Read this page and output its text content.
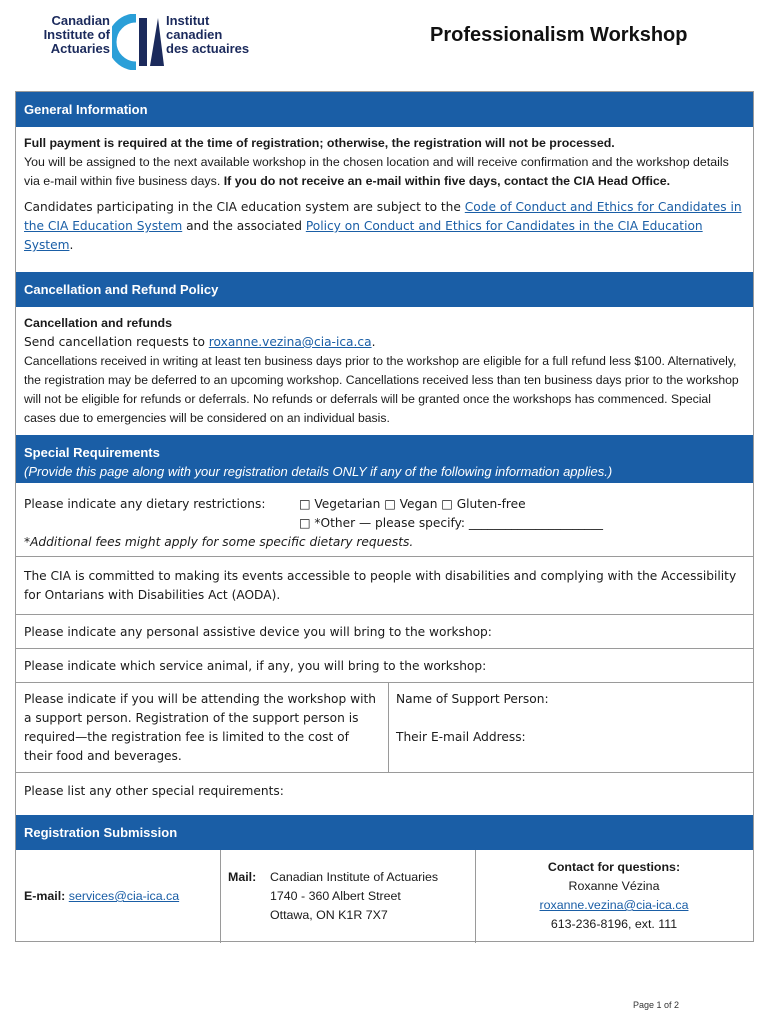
Canadian
Institute of
Actuaries
Institut
canadien
des actuaires
Professionalism Workshop
General Information
Full payment is required at the time of registration; otherwise, the registration will not be processed.
You will be assigned to the next available workshop in the chosen location and will receive confirmation and the workshop details via e-mail within five business days. If you do not receive an e-mail within five days, contact the CIA Head Office.
Candidates participating in the CIA education system are subject to the Code of Conduct and Ethics for Candidates in the CIA Education System and the associated Policy on Conduct and Ethics for Candidates in the CIA Education System.
Cancellation and Refund Policy
Cancellation and refunds
Send cancellation requests to roxanne.vezina@cia-ica.ca.
Cancellations received in writing at least ten business days prior to the workshop are eligible for a full refund less $100. Alternatively, the registration may be deferred to an upcoming workshop. Cancellations received less than ten business days prior to the workshop will not be eligible for refunds or deferrals. No refunds or deferrals will be granted once the workshops has commenced. Special cases due to emergencies will be considered on an individual basis.
Special Requirements
(Provide this page along with your registration details ONLY if any of the following information applies.)
Please indicate any dietary restrictions:	□ Vegetarian □ Vegan □ Gluten-free
□ *Other — please specify: ______________________
*Additional fees might apply for some specific dietary requests.
The CIA is committed to making its events accessible to people with disabilities and complying with the Accessibility for Ontarians with Disabilities Act (AODA).
Please indicate any personal assistive device you will bring to the workshop:
Please indicate which service animal, if any, you will bring to the workshop:
Please indicate if you will be attending the workshop with a support person. Registration of the support person is required—the registration fee is limited to the cost of their food and beverages.
Name of Support Person:
Their E-mail Address:
Please list any other special requirements:
Registration Submission
E-mail: services@cia-ica.ca
Mail:	Canadian Institute of Actuaries
1740 - 360 Albert Street
Ottawa, ON K1R 7X7
Contact for questions:
Roxanne Vézina
roxanne.vezina@cia-ica.ca
613-236-8196, ext. 111
Page 1 of 2
